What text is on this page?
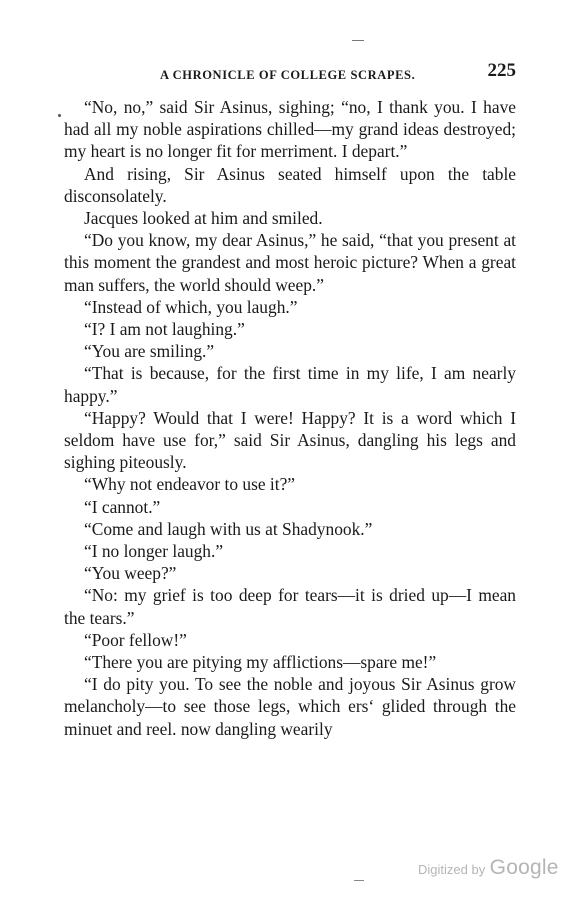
A CHRONICLE OF COLLEGE SCRAPES.	225

“No, no,” said Sir Asinus, sighing; “no, I thank you. I have had all my noble aspirations chilled—my grand ideas destroyed; my heart is no longer fit for merriment. I depart.”

And rising, Sir Asinus seated himself upon the table disconsolately.

Jacques looked at him and smiled.

“Do you know, my dear Asinus,” he said, “that you present at this moment the grandest and most heroic picture? When a great man suffers, the world should weep.”

“Instead of which, you laugh.”

“I? I am not laughing.”

“You are smiling.”

“That is because, for the first time in my life, I am nearly happy.”

“Happy? Would that I were! Happy? It is a word which I seldom have use for,” said Sir Asinus, dangling his legs and sighing piteously.

“Why not endeavor to use it?”

“I cannot.”

“Come and laugh with us at Shadynook.”

“I no longer laugh.”

“You weep?”

“No: my grief is too deep for tears—it is dried up—I mean the tears.”

“Poor fellow!”

“There you are pitying my afflictions—spare me!”

“I do pity you. To see the noble and joyous Sir Asinus grow melancholy—to see those legs, which ers‘ glided through the minuet and reel. now dangling wearily

Digitized by Google
